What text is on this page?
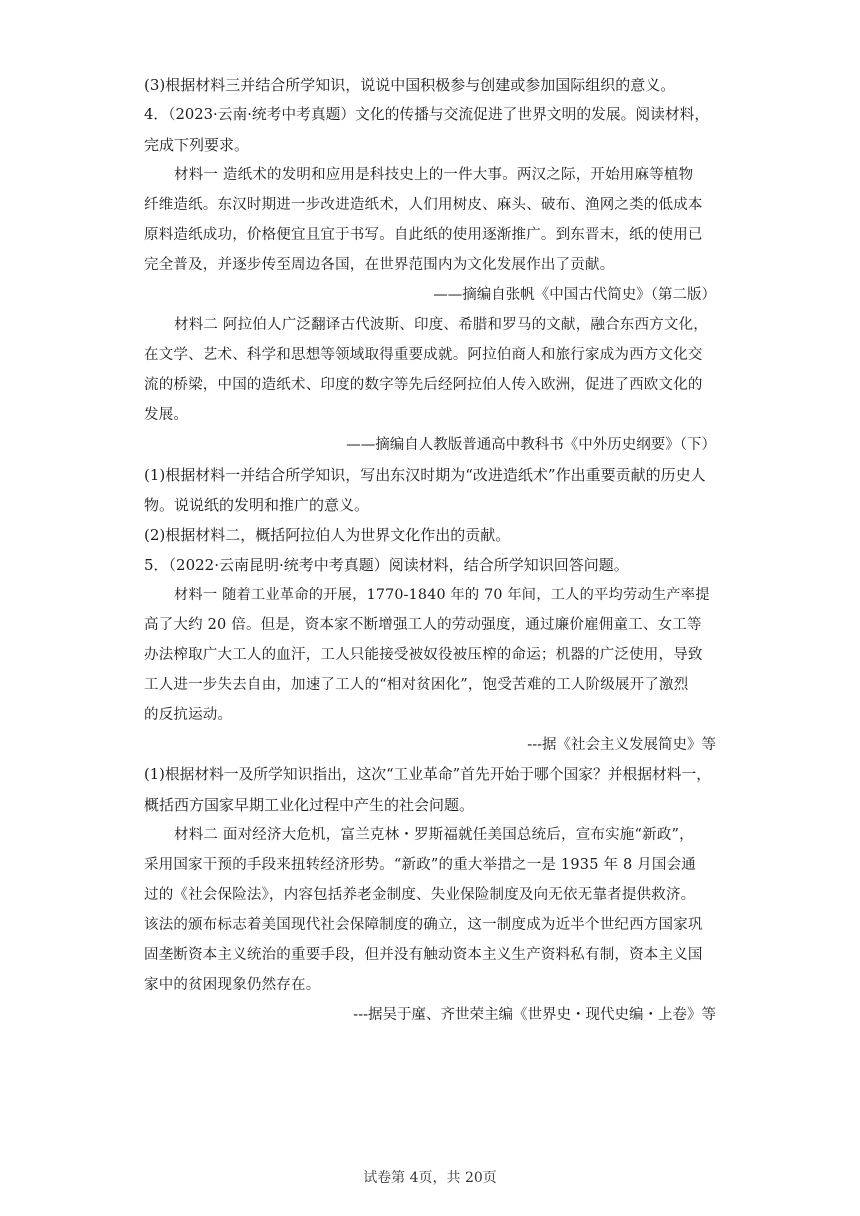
(3)根据材料三并结合所学知识，说说中国积极参与创建或参加国际组织的意义。

4．（2023·云南·统考中考真题）文化的传播与交流促进了世界文明的发展。阅读材料，

完成下列要求。

材料一 造纸术的发明和应用是科技史上的一件大事。两汉之际，开始用麻等植物

纤维造纸。东汉时期进一步改进造纸术，人们用树皮、麻头、破布、渔网之类的低成本

原料造纸成功，价格便宜且宜于书写。自此纸的使用逐渐推广。到东晋末，纸的使用已

完全普及，并逐步传至周边各国，在世界范围内为文化发展作出了贡献。

——摘编自张帆《中国古代简史》（第二版）

材料二 阿拉伯人广泛翻译古代波斯、印度、希腊和罗马的文献，融合东西方文化，

在文学、艺术、科学和思想等领域取得重要成就。阿拉伯商人和旅行家成为西方文化交

流的桥梁，中国的造纸术、印度的数字等先后经阿拉伯人传入欧洲，促进了西欧文化的

发展。

——摘编自人教版普通高中教科书《中外历史纲要》（下）

(1)根据材料一并结合所学知识，写出东汉时期为“改进造纸术”作出重要贡献的历史人

物。说说纸的发明和推广的意义。

(2)根据材料二，概括阿拉伯人为世界文化作出的贡献。

5．（2022·云南昆明·统考中考真题）阅读材料，结合所学知识回答问题。

材料一 随着工业革命的开展，1770-1840 年的 70 年间，工人的平均劳动生产率提

高了大约 20 倍。但是，资本家不断增强工人的劳动强度，通过廉价雇佣童工、女工等

办法榨取广大工人的血汗，工人只能接受被奴役被压榨的命运；机器的广泛使用，导致

工人进一步失去自由，加速了工人的“相对贫困化”，饱受苦难的工人阶级展开了激烈

的反抗运动。

---据《社会主义发展简史》等

(1)根据材料一及所学知识指出，这次“工业革命”首先开始于哪个国家？并根据材料一，

概括西方国家早期工业化过程中产生的社会问题。

材料二 面对经济大危机，富兰克林・罗斯福就任美国总统后，宣布实施“新政”，

采用国家干预的手段来扭转经济形势。“新政”的重大举措之一是 1935 年 8 月国会通

过的《社会保险法》，内容包括养老金制度、失业保险制度及向无依无靠者提供救济。

该法的颁布标志着美国现代社会保障制度的确立，这一制度成为近半个世纪西方国家巩

固垄断资本主义统治的重要手段，但并没有触动资本主义生产资料私有制，资本主义国

家中的贫困现象仍然存在。

---据吴于廑、齐世荣主编《世界史・现代史编・上卷》等

试卷第 4页，共 20页
